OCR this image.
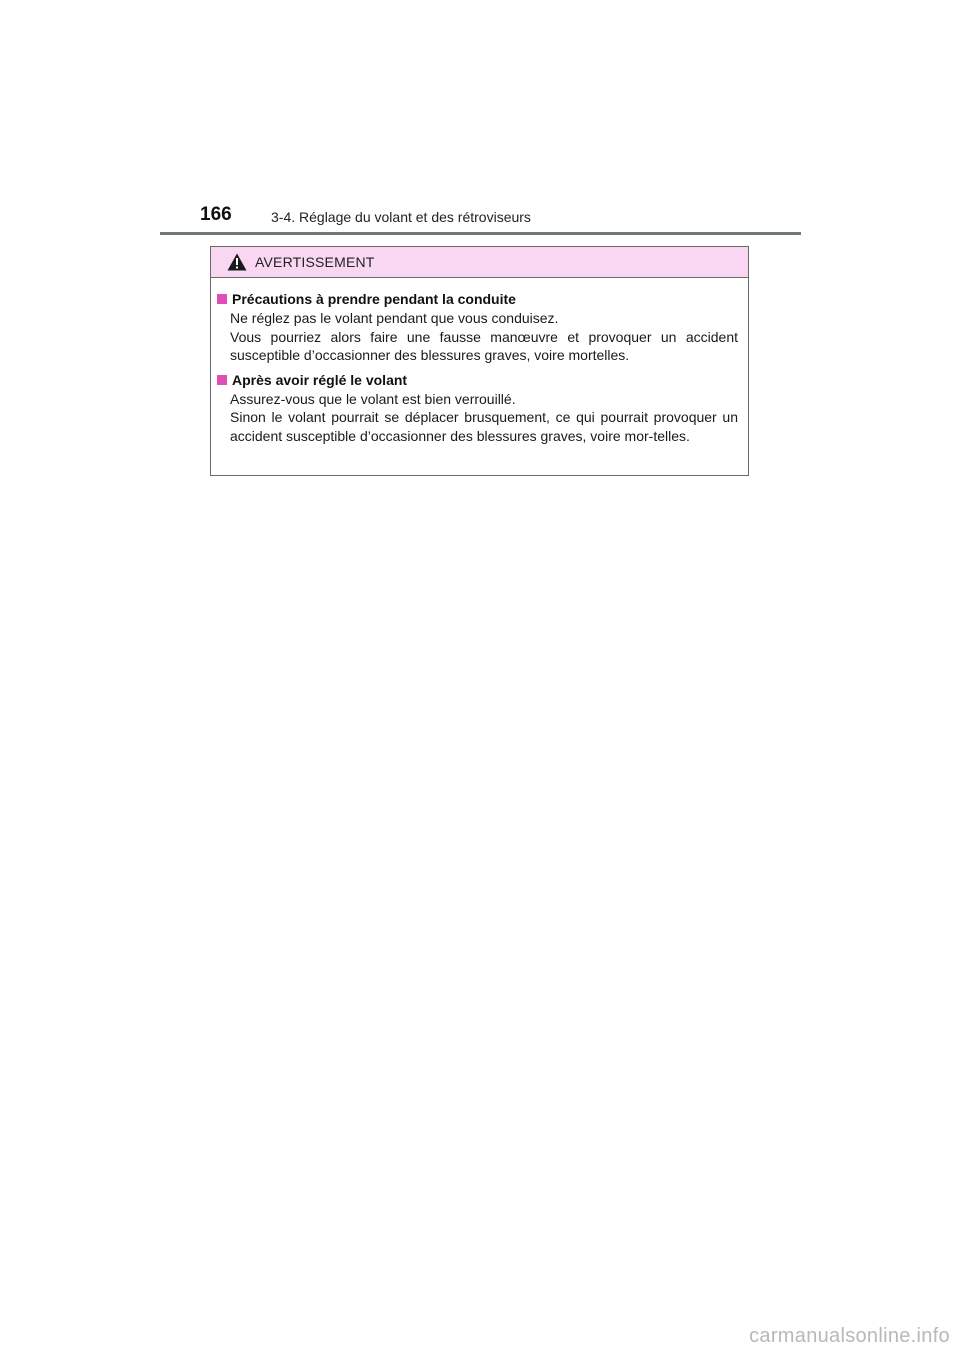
166	3-4. Réglage du volant et des rétroviseurs
AVERTISSEMENT
Précautions à prendre pendant la conduite

Ne réglez pas le volant pendant que vous conduisez.

Vous pourriez alors faire une fausse manœuvre et provoquer un accident susceptible d’occasionner des blessures graves, voire mortelles.

Après avoir réglé le volant

Assurez-vous que le volant est bien verrouillé.

Sinon le volant pourrait se déplacer brusquement, ce qui pourrait provoquer un accident susceptible d’occasionner des blessures graves, voire mor-telles.

carmanualsonline.info
